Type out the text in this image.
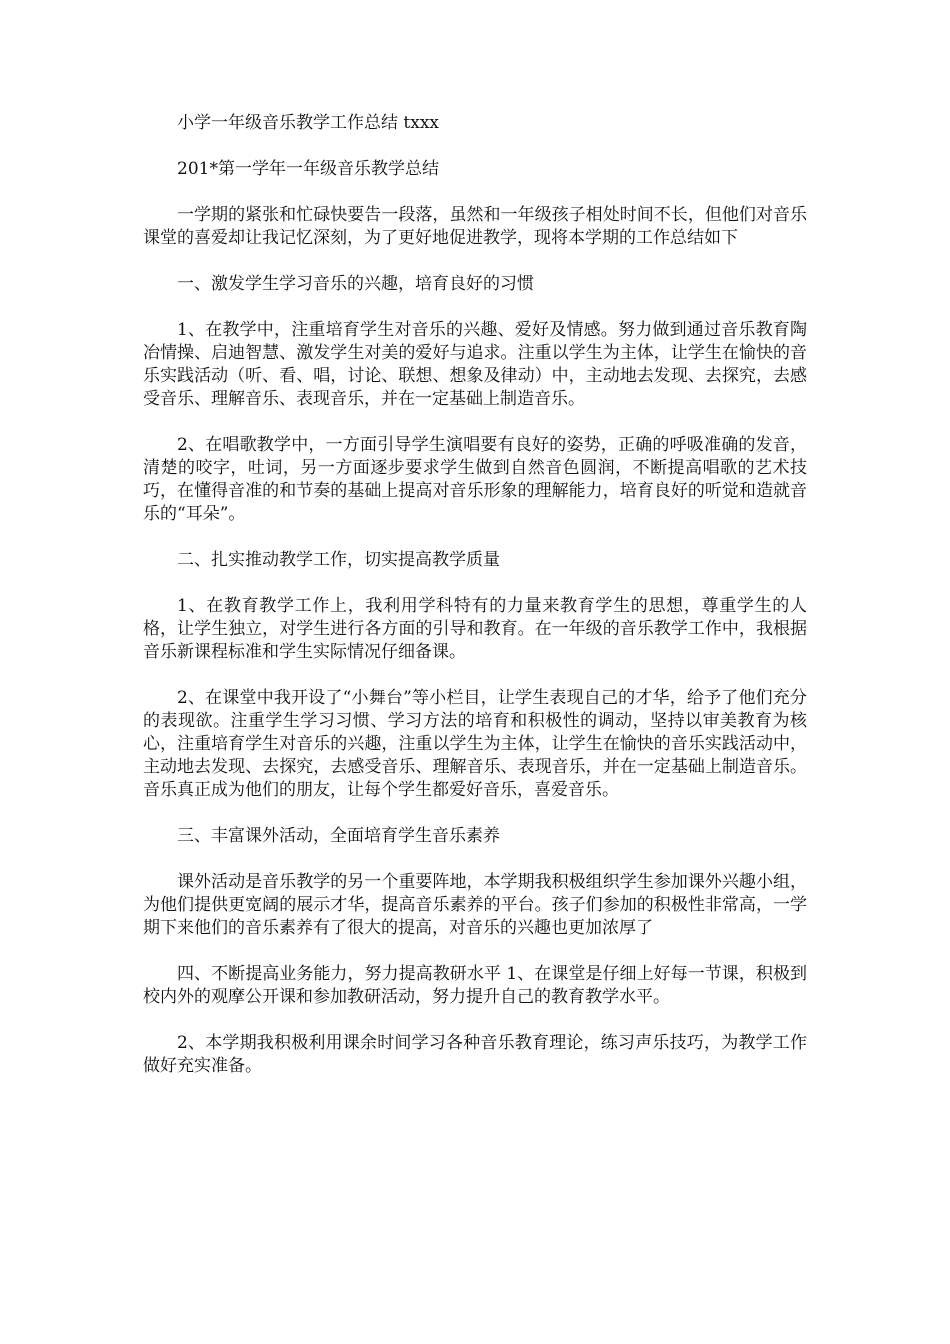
小学一年级音乐教学工作总结 txxx

201*第一学年一年级音乐教学总结

一学期的紧张和忙碌快要告一段落，虽然和一年级孩子相处时间不长，但他们对音乐课堂的喜爱却让我记忆深刻，为了更好地促进教学，现将本学期的工作总结如下

一、激发学生学习音乐的兴趣，培育良好的习惯

1、在教学中，注重培育学生对音乐的兴趣、爱好及情感。努力做到通过音乐教育陶冶情操、启迪智慧、激发学生对美的爱好与追求。注重以学生为主体，让学生在愉快的音乐实践活动（听、看、唱，讨论、联想、想象及律动）中，主动地去发现、去探究，去感受音乐、理解音乐、表现音乐，并在一定基础上制造音乐。

2、在唱歌教学中，一方面引导学生演唱要有良好的姿势，正确的呼吸准确的发音，清楚的咬字，吐词，另一方面逐步要求学生做到自然音色圆润，不断提高唱歌的艺术技巧，在懂得音准的和节奏的基础上提高对音乐形象的理解能力，培育良好的听觉和造就音乐的“耳朵”。

二、扎实推动教学工作，切实提高教学质量

1、在教育教学工作上，我利用学科特有的力量来教育学生的思想，尊重学生的人格，让学生独立，对学生进行各方面的引导和教育。在一年级的音乐教学工作中，我根据音乐新课程标准和学生实际情况仔细备课。

2、在课堂中我开设了“小舞台”等小栏目，让学生表现自己的才华，给予了他们充分的表现欲。注重学生学习习惯、学习方法的培育和积极性的调动，坚持以审美教育为核心，注重培育学生对音乐的兴趣，注重以学生为主体，让学生在愉快的音乐实践活动中，主动地去发现、去探究，去感受音乐、理解音乐、表现音乐，并在一定基础上制造音乐。音乐真正成为他们的朋友，让每个学生都爱好音乐，喜爱音乐。

三、丰富课外活动，全面培育学生音乐素养

课外活动是音乐教学的另一个重要阵地，本学期我积极组织学生参加课外兴趣小组，为他们提供更宽阔的展示才华，提高音乐素养的平台。孩子们参加的积极性非常高，一学期下来他们的音乐素养有了很大的提高，对音乐的兴趣也更加浓厚了

四、不断提高业务能力，努力提高教研水平 1、在课堂是仔细上好每一节课，积极到校内外的观摩公开课和参加教研活动，努力提升自己的教育教学水平。

2、本学期我积极利用课余时间学习各种音乐教育理论，练习声乐技巧，为教学工作做好充实准备。
